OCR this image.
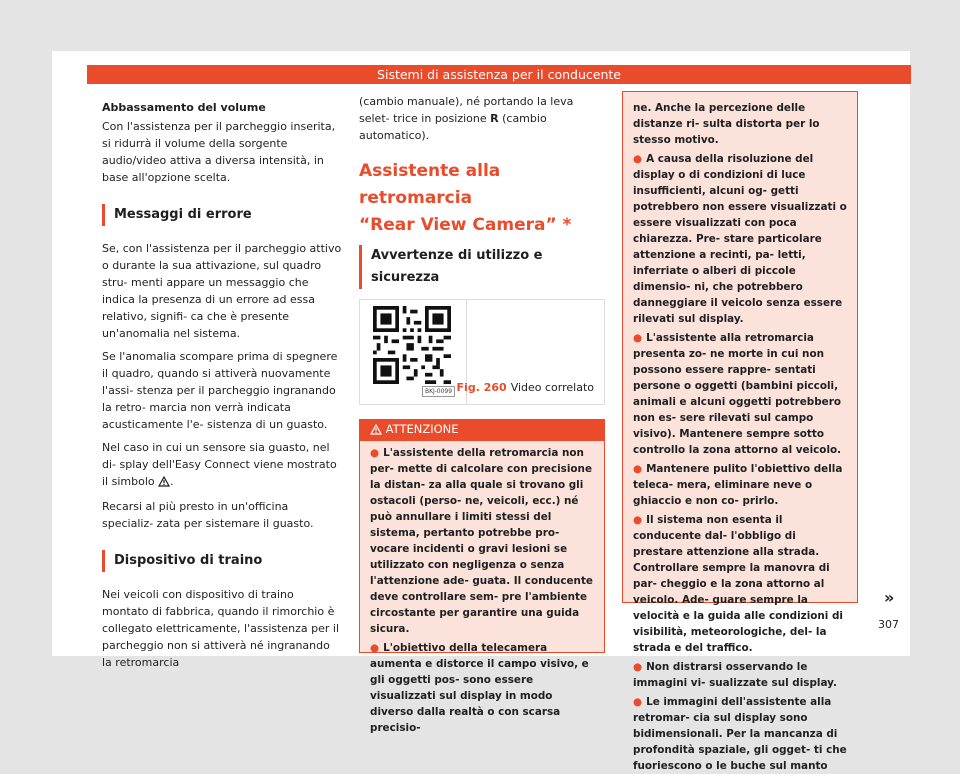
Sistemi di assistenza per il conducente
Abbassamento del volume

Con l'assistenza per il parcheggio inserita, si ridurrà il volume della sorgente audio/video attiva a diversa intensità, in base all'opzione scelta.

Messaggi di errore

Se, con l'assistenza per il parcheggio attivo o durante la sua attivazione, sul quadro stru- menti appare un messaggio che indica la presenza di un errore ad essa relativo, signifi- ca che è presente un'anomalia nel sistema.

Se l'anomalia scompare prima di spegnere il quadro, quando si attiverà nuovamente l'assi- stenza per il parcheggio ingranando la retro- marcia non verrà indicata acusticamente l'e- sistenza di un guasto.

Nel caso in cui un sensore sia guasto, nel di- splay dell'Easy Connect viene mostrato il simbolo .

Recarsi al più presto in un'officina specializ- zata per sistemare il guasto.

Dispositivo di traino

Nei veicoli con dispositivo di traino montato di fabbrica, quando il rimorchio è collegato elettricamente, l'assistenza per il parcheggio non si attiverà né ingranando la retromarcia

(cambio manuale), né portando la leva selet- trice in posizione R (cambio automatico).

Assistente alla retromarcia
“Rear View Camera” *
Avvertenze di utilizzo e sicurezza
BKJ-0099 Fig. 260 Video correlato
ATTENZIONE

● L'assistente della retromarcia non per- mette di calcolare con precisione la distan- za alla quale si trovano gli ostacoli (perso- ne, veicoli, ecc.) né può annullare i limiti stessi del sistema, pertanto potrebbe pro- vocare incidenti o gravi lesioni se utilizzato con negligenza o senza l'attenzione ade- guata. Il conducente deve controllare sem- pre l'ambiente circostante per garantire una guida sicura.

● L'obiettivo della telecamera aumenta e distorce il campo visivo, e gli oggetti pos- sono essere visualizzati sul display in modo diverso dalla realtà o con scarsa precisio-

ne. Anche la percezione delle distanze ri- sulta distorta per lo stesso motivo.

● A causa della risoluzione del display o di condizioni di luce insufficienti, alcuni og- getti potrebbero non essere visualizzati o essere visualizzati con poca chiarezza. Pre- stare particolare attenzione a recinti, pa- letti, inferriate o alberi di piccole dimensio- ni, che potrebbero danneggiare il veicolo senza essere rilevati sul display.

● L'assistente alla retromarcia presenta zo- ne morte in cui non possono essere rappre- sentati persone o oggetti (bambini piccoli, animali e alcuni oggetti potrebbero non es- sere rilevati sul campo visivo). Mantenere sempre sotto controllo la zona attorno al veicolo.

● Mantenere pulito l'obiettivo della teleca- mera, eliminare neve o ghiaccio e non co- prirlo.

● Il sistema non esenta il conducente dal- l'obbligo di prestare attenzione alla strada. Controllare sempre la manovra di par- cheggio e la zona attorno al veicolo. Ade- guare sempre la velocità e la guida alle condizioni di visibilità, meteorologiche, del- la strada e del traffico.

● Non distrarsi osservando le immagini vi- sualizzate sul display.

● Le immagini dell'assistente alla retromar- cia sul display sono bidimensionali. Per la mancanza di profondità spaziale, gli ogget- ti che fuoriescono o le buche sul manto

»
307
